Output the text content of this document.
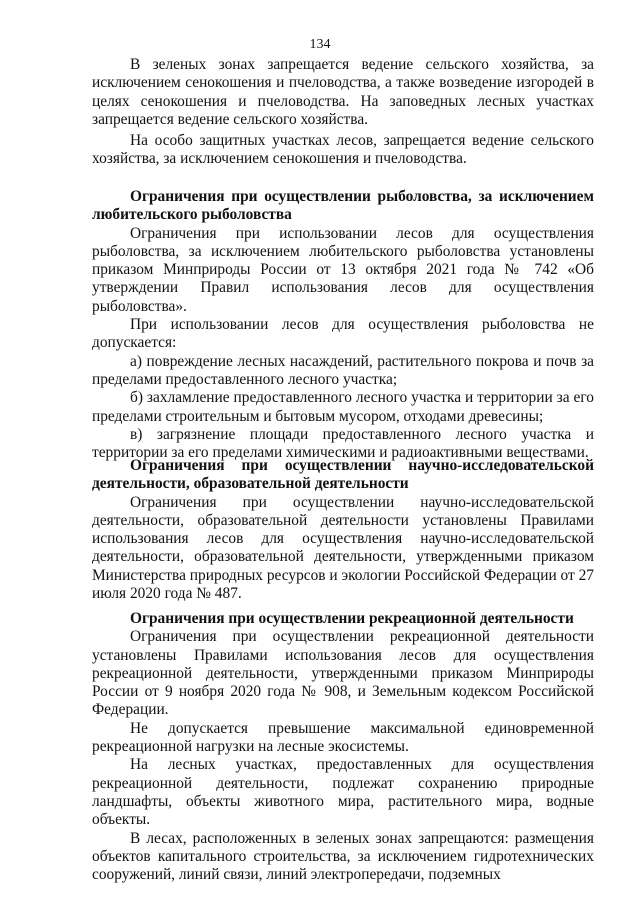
134

В зеленых зонах запрещается ведение сельского хозяйства, за исключением сенокошения и пчеловодства, а также возведение изгородей в целях сенокошения и пчеловодства. На заповедных лесных участках запрещается ведение сельского хозяйства.

На особо защитных участках лесов, запрещается ведение сельского хозяйства, за исключением сенокошения и пчеловодства.

Ограничения при осуществлении рыболовства, за исключением любительского рыболовства

Ограничения при использовании лесов для осуществления рыболовства, за исключением любительского рыболовства установлены приказом Минприроды России от 13 октября 2021 года № 742 «Об утверждении Правил использования лесов для осуществления рыболовства».

При использовании лесов для осуществления рыболовства не допускается:

а) повреждение лесных насаждений, растительного покрова и почв за пределами предоставленного лесного участка;

б) захламление предоставленного лесного участка и территории за его пределами строительным и бытовым мусором, отходами древесины;

в) загрязнение площади предоставленного лесного участка и территории за его пределами химическими и радиоактивными веществами.

Ограничения при осуществлении научно-исследовательской деятельности, образовательной деятельности

Ограничения при осуществлении научно-исследовательской деятельности, образовательной деятельности установлены Правилами использования лесов для осуществления научно-исследовательской деятельности, образовательной деятельности, утвержденными приказом Министерства природных ресурсов и экологии Российской Федерации от 27 июля 2020 года № 487.

Ограничения при осуществлении рекреационной деятельности

Ограничения при осуществлении рекреационной деятельности установлены Правилами использования лесов для осуществления рекреационной деятельности, утвержденными приказом Минприроды России от 9 ноября 2020 года № 908, и Земельным кодексом Российской Федерации.

Не допускается превышение максимальной единовременной рекреационной нагрузки на лесные экосистемы.

На лесных участках, предоставленных для осуществления рекреационной деятельности, подлежат сохранению природные ландшафты, объекты животного мира, растительного мира, водные объекты.

В лесах, расположенных в зеленых зонах запрещаются: размещения объектов капитального строительства, за исключением гидротехнических сооружений, линий связи, линий электропередачи, подземных
